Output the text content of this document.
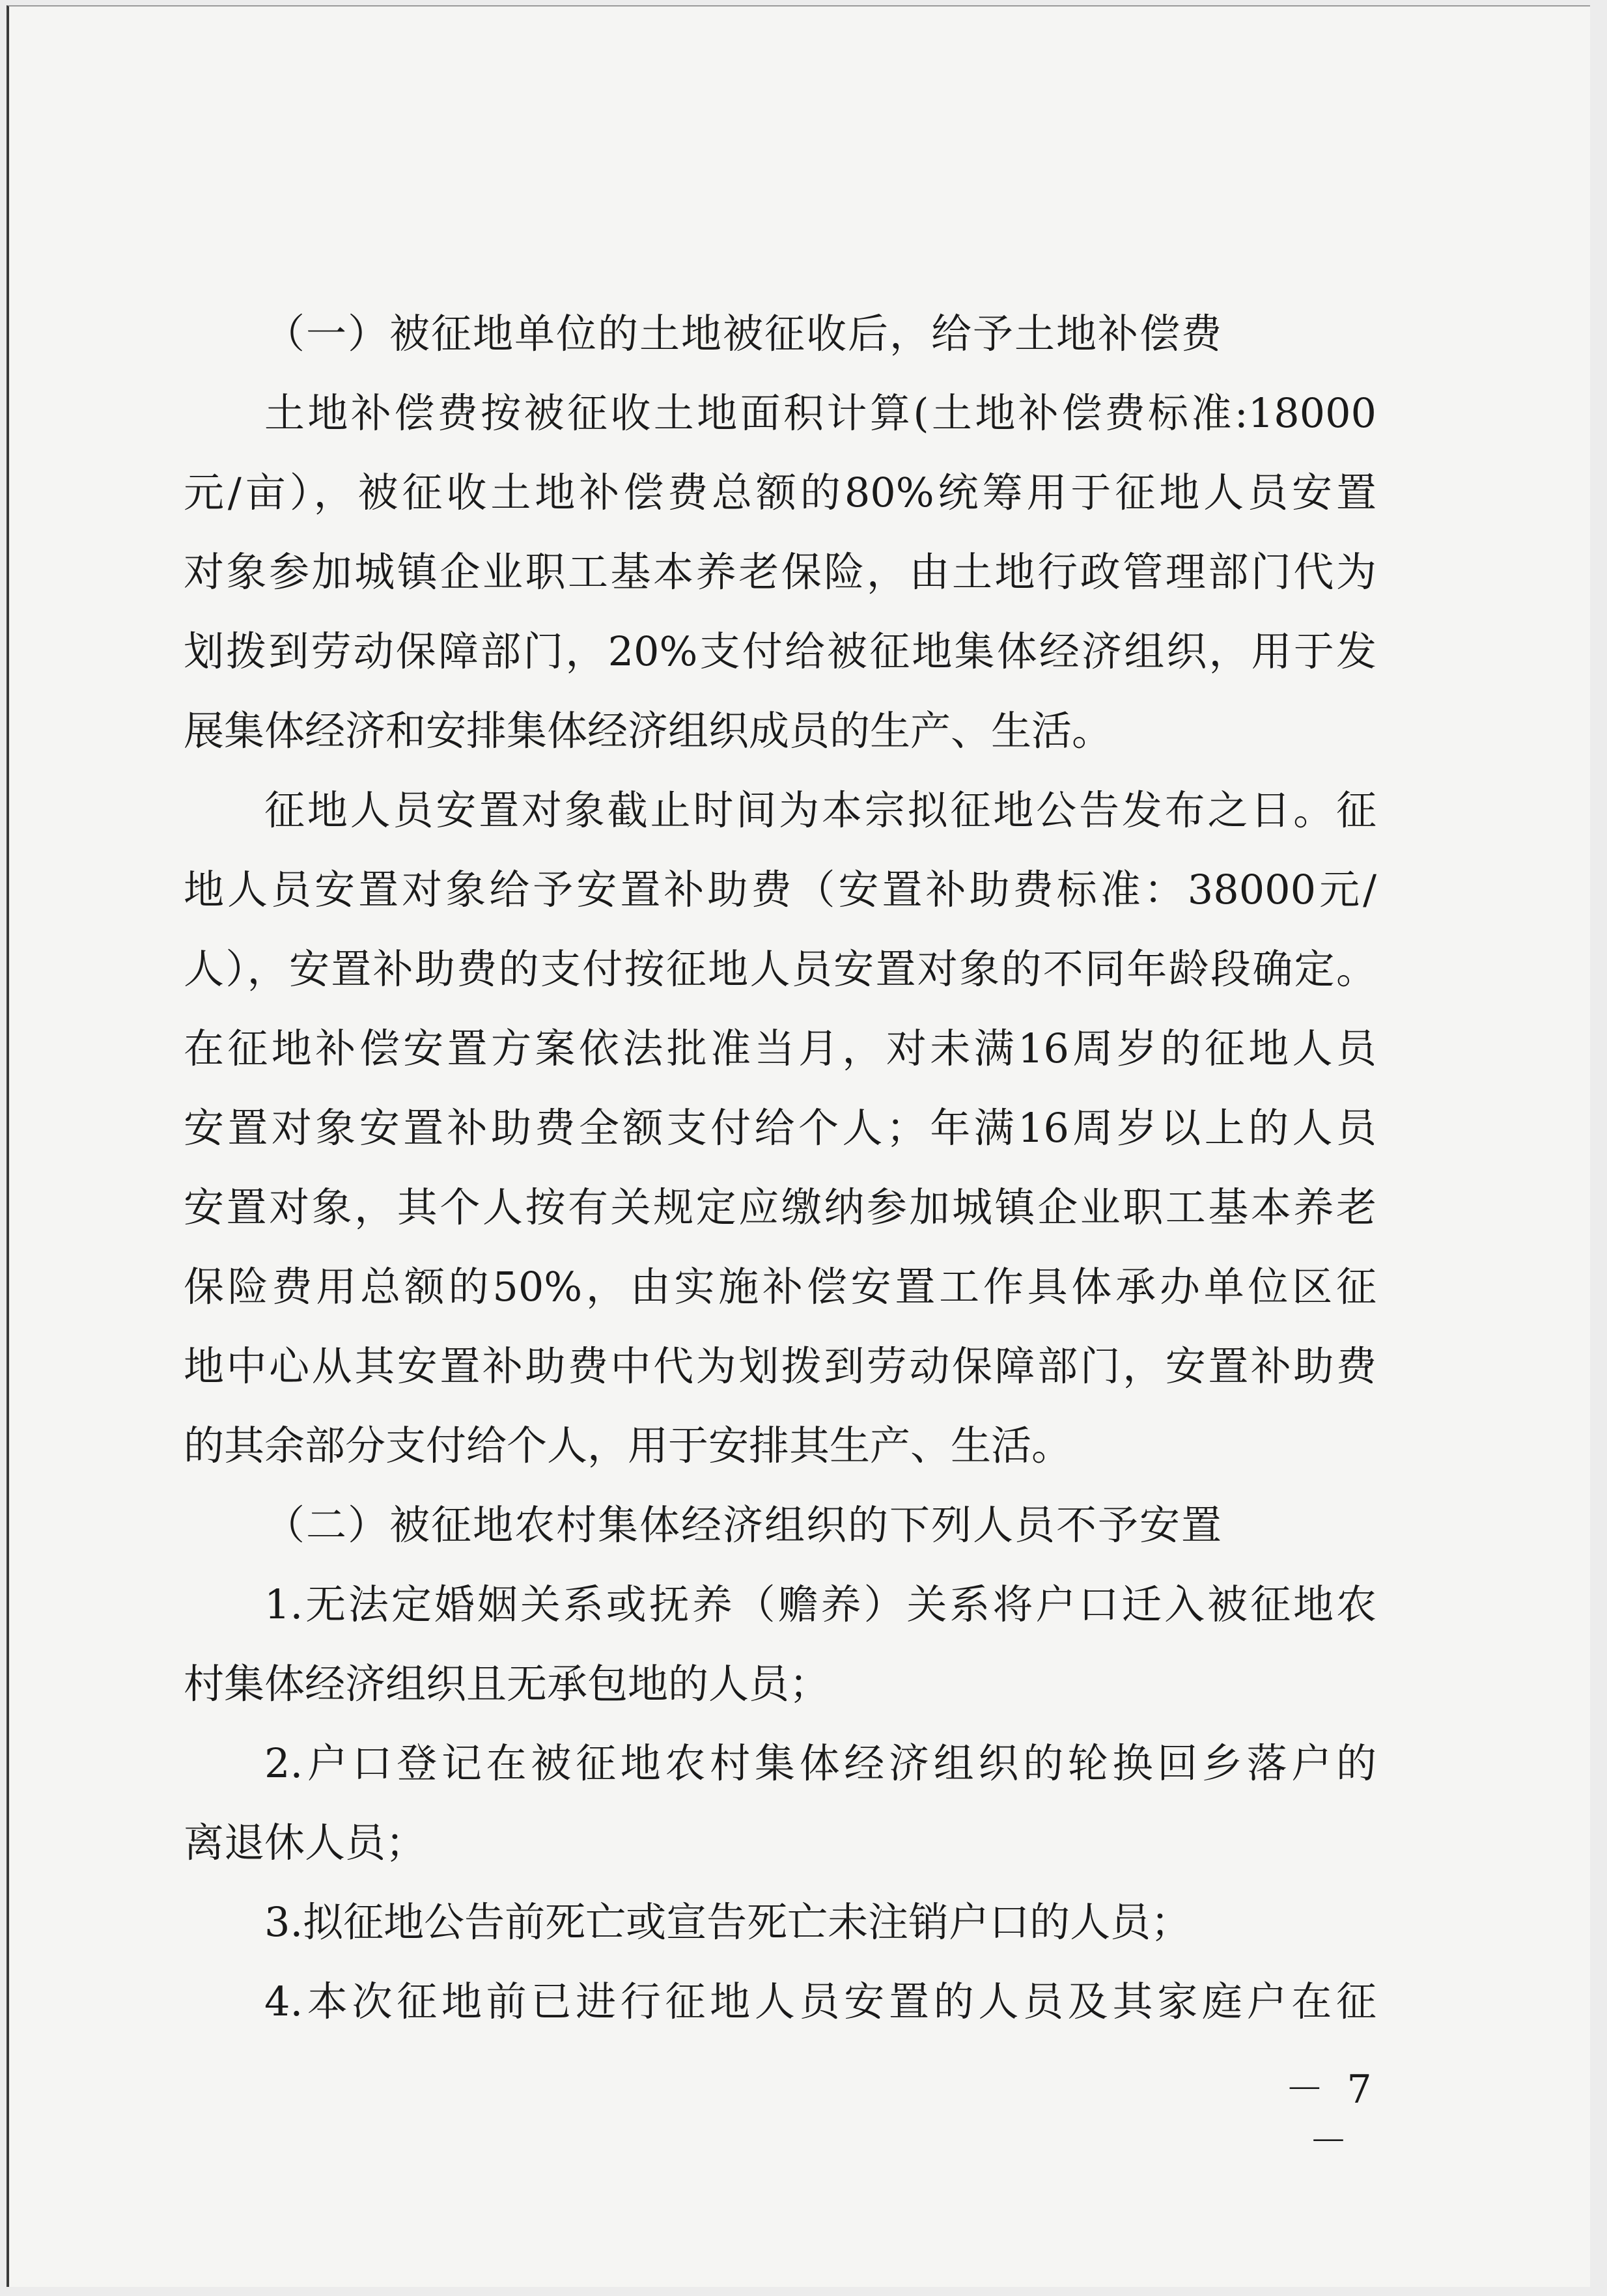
（一）被征地单位的土地被征收后，给予土地补偿费
土地补偿费按被征收土地面积计算(土地补偿费标准:18000
元/亩），被征收土地补偿费总额的80%统筹用于征地人员安置
对象参加城镇企业职工基本养老保险，由土地行政管理部门代为
划拨到劳动保障部门，20%支付给被征地集体经济组织，用于发
展集体经济和安排集体经济组织成员的生产、生活。
征地人员安置对象截止时间为本宗拟征地公告发布之日。征
地人员安置对象给予安置补助费（安置补助费标准：38000元/
人），安置补助费的支付按征地人员安置对象的不同年龄段确定。
在征地补偿安置方案依法批准当月，对未满16周岁的征地人员
安置对象安置补助费全额支付给个人；年满16周岁以上的人员
安置对象，其个人按有关规定应缴纳参加城镇企业职工基本养老
保险费用总额的50%，由实施补偿安置工作具体承办单位区征
地中心从其安置补助费中代为划拨到劳动保障部门，安置补助费
的其余部分支付给个人，用于安排其生产、生活。
（二）被征地农村集体经济组织的下列人员不予安置
1.无法定婚姻关系或抚养（赡养）关系将户口迁入被征地农
村集体经济组织且无承包地的人员；
2.户口登记在被征地农村集体经济组织的轮换回乡落户的
离退休人员；
3.拟征地公告前死亡或宣告死亡未注销户口的人员；
4.本次征地前已进行征地人员安置的人员及其家庭户在征
－ 7 －
